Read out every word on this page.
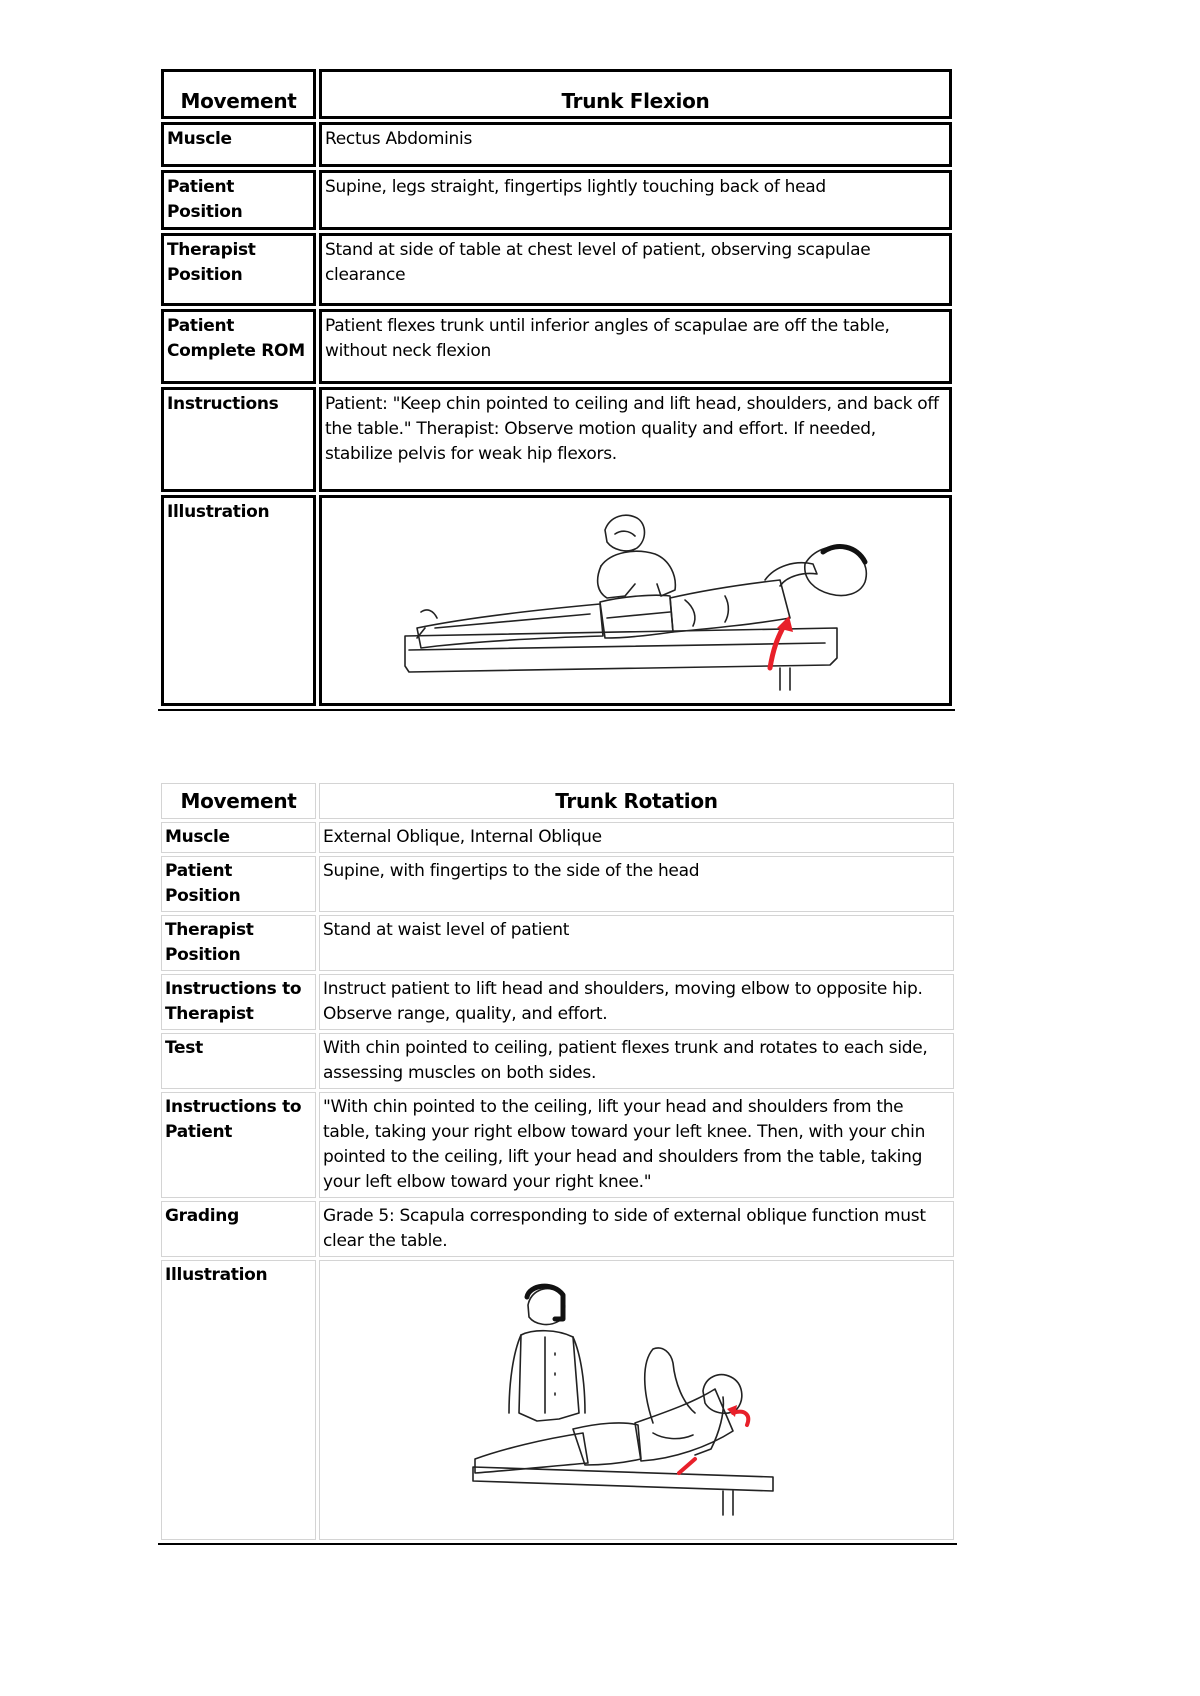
Movement	Trunk Flexion
Muscle	Rectus Abdominis
Patient Position	Supine, legs straight, fingertips lightly touching back of head
Therapist Position	Stand at side of table at chest level of patient, observing scapulae clearance
Patient Complete ROM	Patient flexes trunk until inferior angles of scapulae are off the table, without neck flexion
Instructions	Patient: "Keep chin pointed to ceiling and lift head, shoulders, and back off the table." Therapist: Observe motion quality and effort. If needed, stabilize pelvis for weak hip flexors.
Illustration	
Movement	Trunk Rotation
Muscle	External Oblique, Internal Oblique
Patient Position	Supine, with fingertips to the side of the head
Therapist Position	Stand at waist level of patient
Instructions to Therapist	Instruct patient to lift head and shoulders, moving elbow to opposite hip. Observe range, quality, and effort.
Test	With chin pointed to ceiling, patient flexes trunk and rotates to each side, assessing muscles on both sides.
Instructions to Patient	"With chin pointed to the ceiling, lift your head and shoulders from the table, taking your right elbow toward your left knee. Then, with your chin pointed to the ceiling, lift your head and shoulders from the table, taking your left elbow toward your right knee."
Grading	Grade 5: Scapula corresponding to side of external oblique function must clear the table.
Illustration	
